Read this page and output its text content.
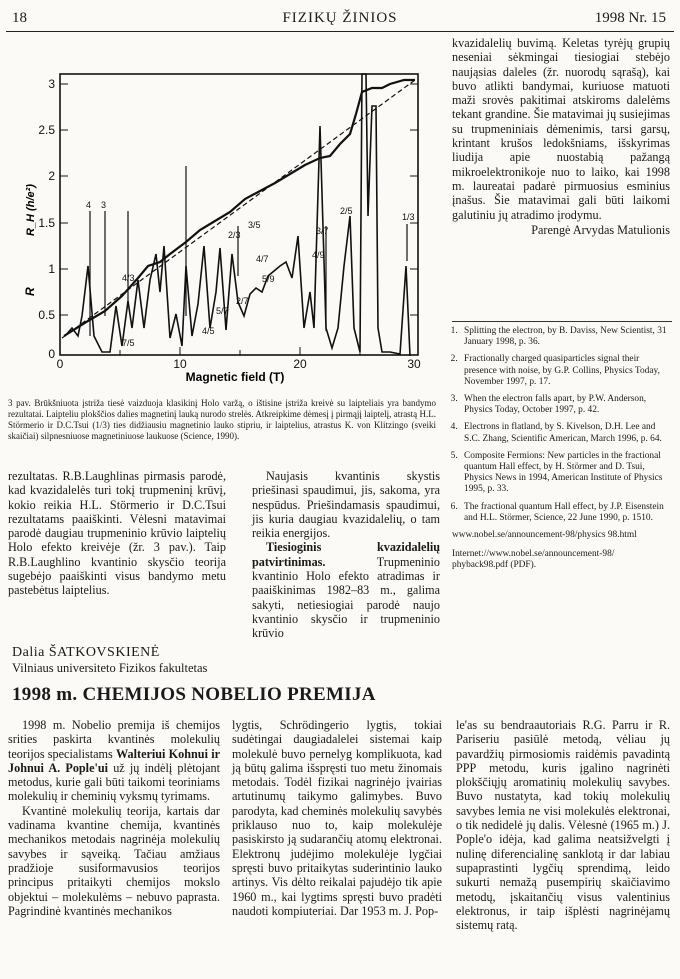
18	FIZIKŲ ŽINIOS	1998 Nr. 15
3
2.5
2
1.5
1
0.5
0
0	10	20	30
Magnetic field (T)
R_H (h/e²)
R
4 3
2/3
4/3
3/5
4/7
5/9
3/7
2/5
1/3
4/5
5/7
2/7
7/5
4/9
3 pav. Brūkšniuota įstriža tiesė vaizduoja klasikinį Holo varžą, o ištisine įstriža kreivė su laipteliais yra bandymo rezultatai. Laipteliu plokščios dalies magnetinį lauką nurodo strelės. Atkreipkime dėmesį į pirmąjį laiptelį, atrastą H.L. Störmerio ir D.C.Tsui (1/3) ties didžiausiu magnetinio lauko stipriu, ir laiptelius, atrastus K. von Klitzingo (sveiki skaičiai) silpnesniuose magnetiniuose laukuose (Science, 1990).

kvazidalelių buvimą. Keletas tyrėjų grupių neseniai sėkmingai tiesiogiai stebėjo naująsias daleles (žr. nuorodų sąrašą), kai buvo atlikti bandymai, kuriuose matuoti maži srovės pakitimai atskiroms dalelėms tekant grandine. Šie matavimai jų susiejimas su trupmeniniais dėmenimis, tarsi garsų, krintant krušos ledokšniams, išskyrimas liudija apie nuostabią pažangą mikroelektronikoje nuo to laiko, kai 1998 m. laureatai padarė pirmuosius esminius įnašus. Šie matavimai gali būti laikomi galutiniu jų atradimo įrodymu.

Parengė Arvydas Matulionis

1. Splitting the electron, by B. Daviss, New Scientist, 31 January 1998, p. 36.
2. Fractionally charged quasiparticles signal their presence with noise, by G.P. Collins, Physics Today, November 1997, p. 17.
3. When the electron falls apart, by P.W. Anderson, Physics Today, October 1997, p. 42.
4. Electrons in flatland, by S. Kivelson, D.H. Lee and S.C. Zhang, Scientific American, March 1996, p. 64.
5. Composite Fermions: New particles in the fractional quantum Hall effect, by H. Störmer and D. Tsui, Physics News in 1994, American Institute of Physics 1995, p. 33.
6. The fractional quantum Hall effect, by J.P. Eisenstein and H.L. Störmer, Science, 22 June 1990, p. 1510.
www.nobel.se/announcement-98/physics 98.html
Internet://www.nobel.se/announcement-98/ phyback98.pdf (PDF).

rezultatas. R.B.Laughlinas pirmasis parodė, kad kvazidalelės turi tokį trupmeninį krūvį, kokio reikia H.L. Störmerio ir D.C.Tsui rezultatams paaiškinti. Vėlesni matavimai parodė daugiau trupmeninio krūvio laiptelių Holo efekto kreivėje (žr. 3 pav.). Taip R.B.Laughlino kvantinio skysčio teorija sugebėjo paaiškinti visus bandymo metu pastebėtus laiptelius.

Naujasis kvantinis skystis priešinasi spaudimui, jis, sakoma, yra nespūdus. Priešindamasis spaudimui, jis kuria daugiau kvazidalelių, o tam reikia energijos.

Tiesioginis kvazidalelių patvirtinimas.	Trupmeninio kvantinio Holo efekto atradimas ir paaiškinimas 1982–83 m., galima sakyti, netiesiogiai parodė naujo kvantinio skysčio ir trupmeninio krūvio

Dalia ŠATKOVSKIENĖ
Vilniaus universiteto Fizikos fakultetas
1998 m. CHEMIJOS NOBELIO PREMIJA

1998 m. Nobelio premija iš chemijos srities paskirta kvantinės molekulių teorijos specialistams Walteriui Kohnui ir Johnui A. Pople'ui už jų indėlį plėtojant metodus, kurie gali būti taikomi teoriniams molekulių ir cheminių vyksmų tyrimams.

Kvantinė molekulių teorija, kartais dar vadinama kvantine chemija, kvantinės mechanikos metodais nagrinėja molekulių savybes ir sąveiką. Tačiau amžiaus pradžioje susiformavusios teorijos principus pritaikyti chemijos mokslo objektui – molekulėms – nebuvo paprasta. Pagrindinė kvantinės mechanikos

lygtis, Schrödingerio lygtis, tokiai sudėtingai daugiadalelei sistemai kaip molekulė buvo pernelyg komplikuota, kad ją būtų galima išspręsti tuo metu žinomais metodais. Todėl fizikai nagrinėjo įvairias artutinumų taikymo galimybes. Buvo parodyta, kad cheminės molekulių savybės priklauso nuo to, kaip molekulėje pasiskirsto ją sudarančių atomų elektronai. Elektronų judėjimo molekulėje lygčiai spręsti buvo pritaikytas suderintinio lauko artinys. Vis dėlto reikalai pajudėjo tik apie 1960 m., kai lygtims spręsti buvo pradėti naudoti kompiuteriai. Dar 1953 m. J. Pop-

le'as su bendraautoriais R.G. Parru ir R. Pariseriu pasiūlė metodą, vėliau jų pavardžių pirmosiomis raidėmis pavadintą PPP metodu, kuris įgalino nagrinėti plokščiųjų aromatinių molekulių savybes. Buvo nustatyta, kad tokių molekulių savybes lemia ne visi molekulės elektronai, o tik nedidelė jų dalis. Vėlesnė (1965 m.) J. Pople'o idėja, kad galima neatsižvelgti į nulinę diferencialinę sanklotą ir dar labiau supaprastinti lygčių sprendimą, leido sukurti nemažą pusempirių skaičiavimo metodų, įskaitančių visus valentinius elektronus, ir taip išplėsti nagrinėjamų sistemų ratą.
